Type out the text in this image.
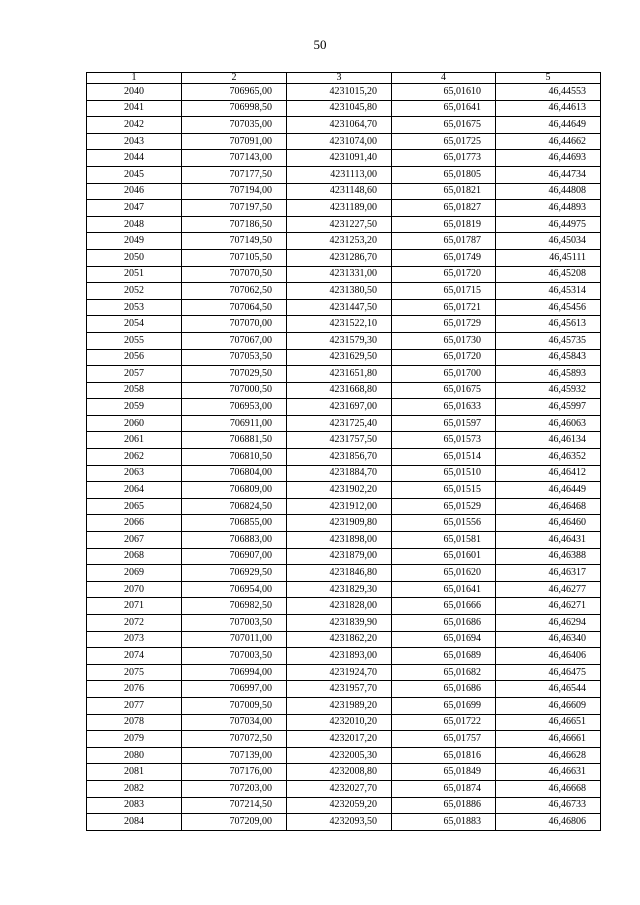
50
1	2	3	4	5
2040	706965,00	4231015,20	65,01610	46,44553
2041	706998,50	4231045,80	65,01641	46,44613
2042	707035,00	4231064,70	65,01675	46,44649
2043	707091,00	4231074,00	65,01725	46,44662
2044	707143,00	4231091,40	65,01773	46,44693
2045	707177,50	4231113,00	65,01805	46,44734
2046	707194,00	4231148,60	65,01821	46,44808
2047	707197,50	4231189,00	65,01827	46,44893
2048	707186,50	4231227,50	65,01819	46,44975
2049	707149,50	4231253,20	65,01787	46,45034
2050	707105,50	4231286,70	65,01749	46,45111
2051	707070,50	4231331,00	65,01720	46,45208
2052	707062,50	4231380,50	65,01715	46,45314
2053	707064,50	4231447,50	65,01721	46,45456
2054	707070,00	4231522,10	65,01729	46,45613
2055	707067,00	4231579,30	65,01730	46,45735
2056	707053,50	4231629,50	65,01720	46,45843
2057	707029,50	4231651,80	65,01700	46,45893
2058	707000,50	4231668,80	65,01675	46,45932
2059	706953,00	4231697,00	65,01633	46,45997
2060	706911,00	4231725,40	65,01597	46,46063
2061	706881,50	4231757,50	65,01573	46,46134
2062	706810,50	4231856,70	65,01514	46,46352
2063	706804,00	4231884,70	65,01510	46,46412
2064	706809,00	4231902,20	65,01515	46,46449
2065	706824,50	4231912,00	65,01529	46,46468
2066	706855,00	4231909,80	65,01556	46,46460
2067	706883,00	4231898,00	65,01581	46,46431
2068	706907,00	4231879,00	65,01601	46,46388
2069	706929,50	4231846,80	65,01620	46,46317
2070	706954,00	4231829,30	65,01641	46,46277
2071	706982,50	4231828,00	65,01666	46,46271
2072	707003,50	4231839,90	65,01686	46,46294
2073	707011,00	4231862,20	65,01694	46,46340
2074	707003,50	4231893,00	65,01689	46,46406
2075	706994,00	4231924,70	65,01682	46,46475
2076	706997,00	4231957,70	65,01686	46,46544
2077	707009,50	4231989,20	65,01699	46,46609
2078	707034,00	4232010,20	65,01722	46,46651
2079	707072,50	4232017,20	65,01757	46,46661
2080	707139,00	4232005,30	65,01816	46,46628
2081	707176,00	4232008,80	65,01849	46,46631
2082	707203,00	4232027,70	65,01874	46,46668
2083	707214,50	4232059,20	65,01886	46,46733
2084	707209,00	4232093,50	65,01883	46,46806
